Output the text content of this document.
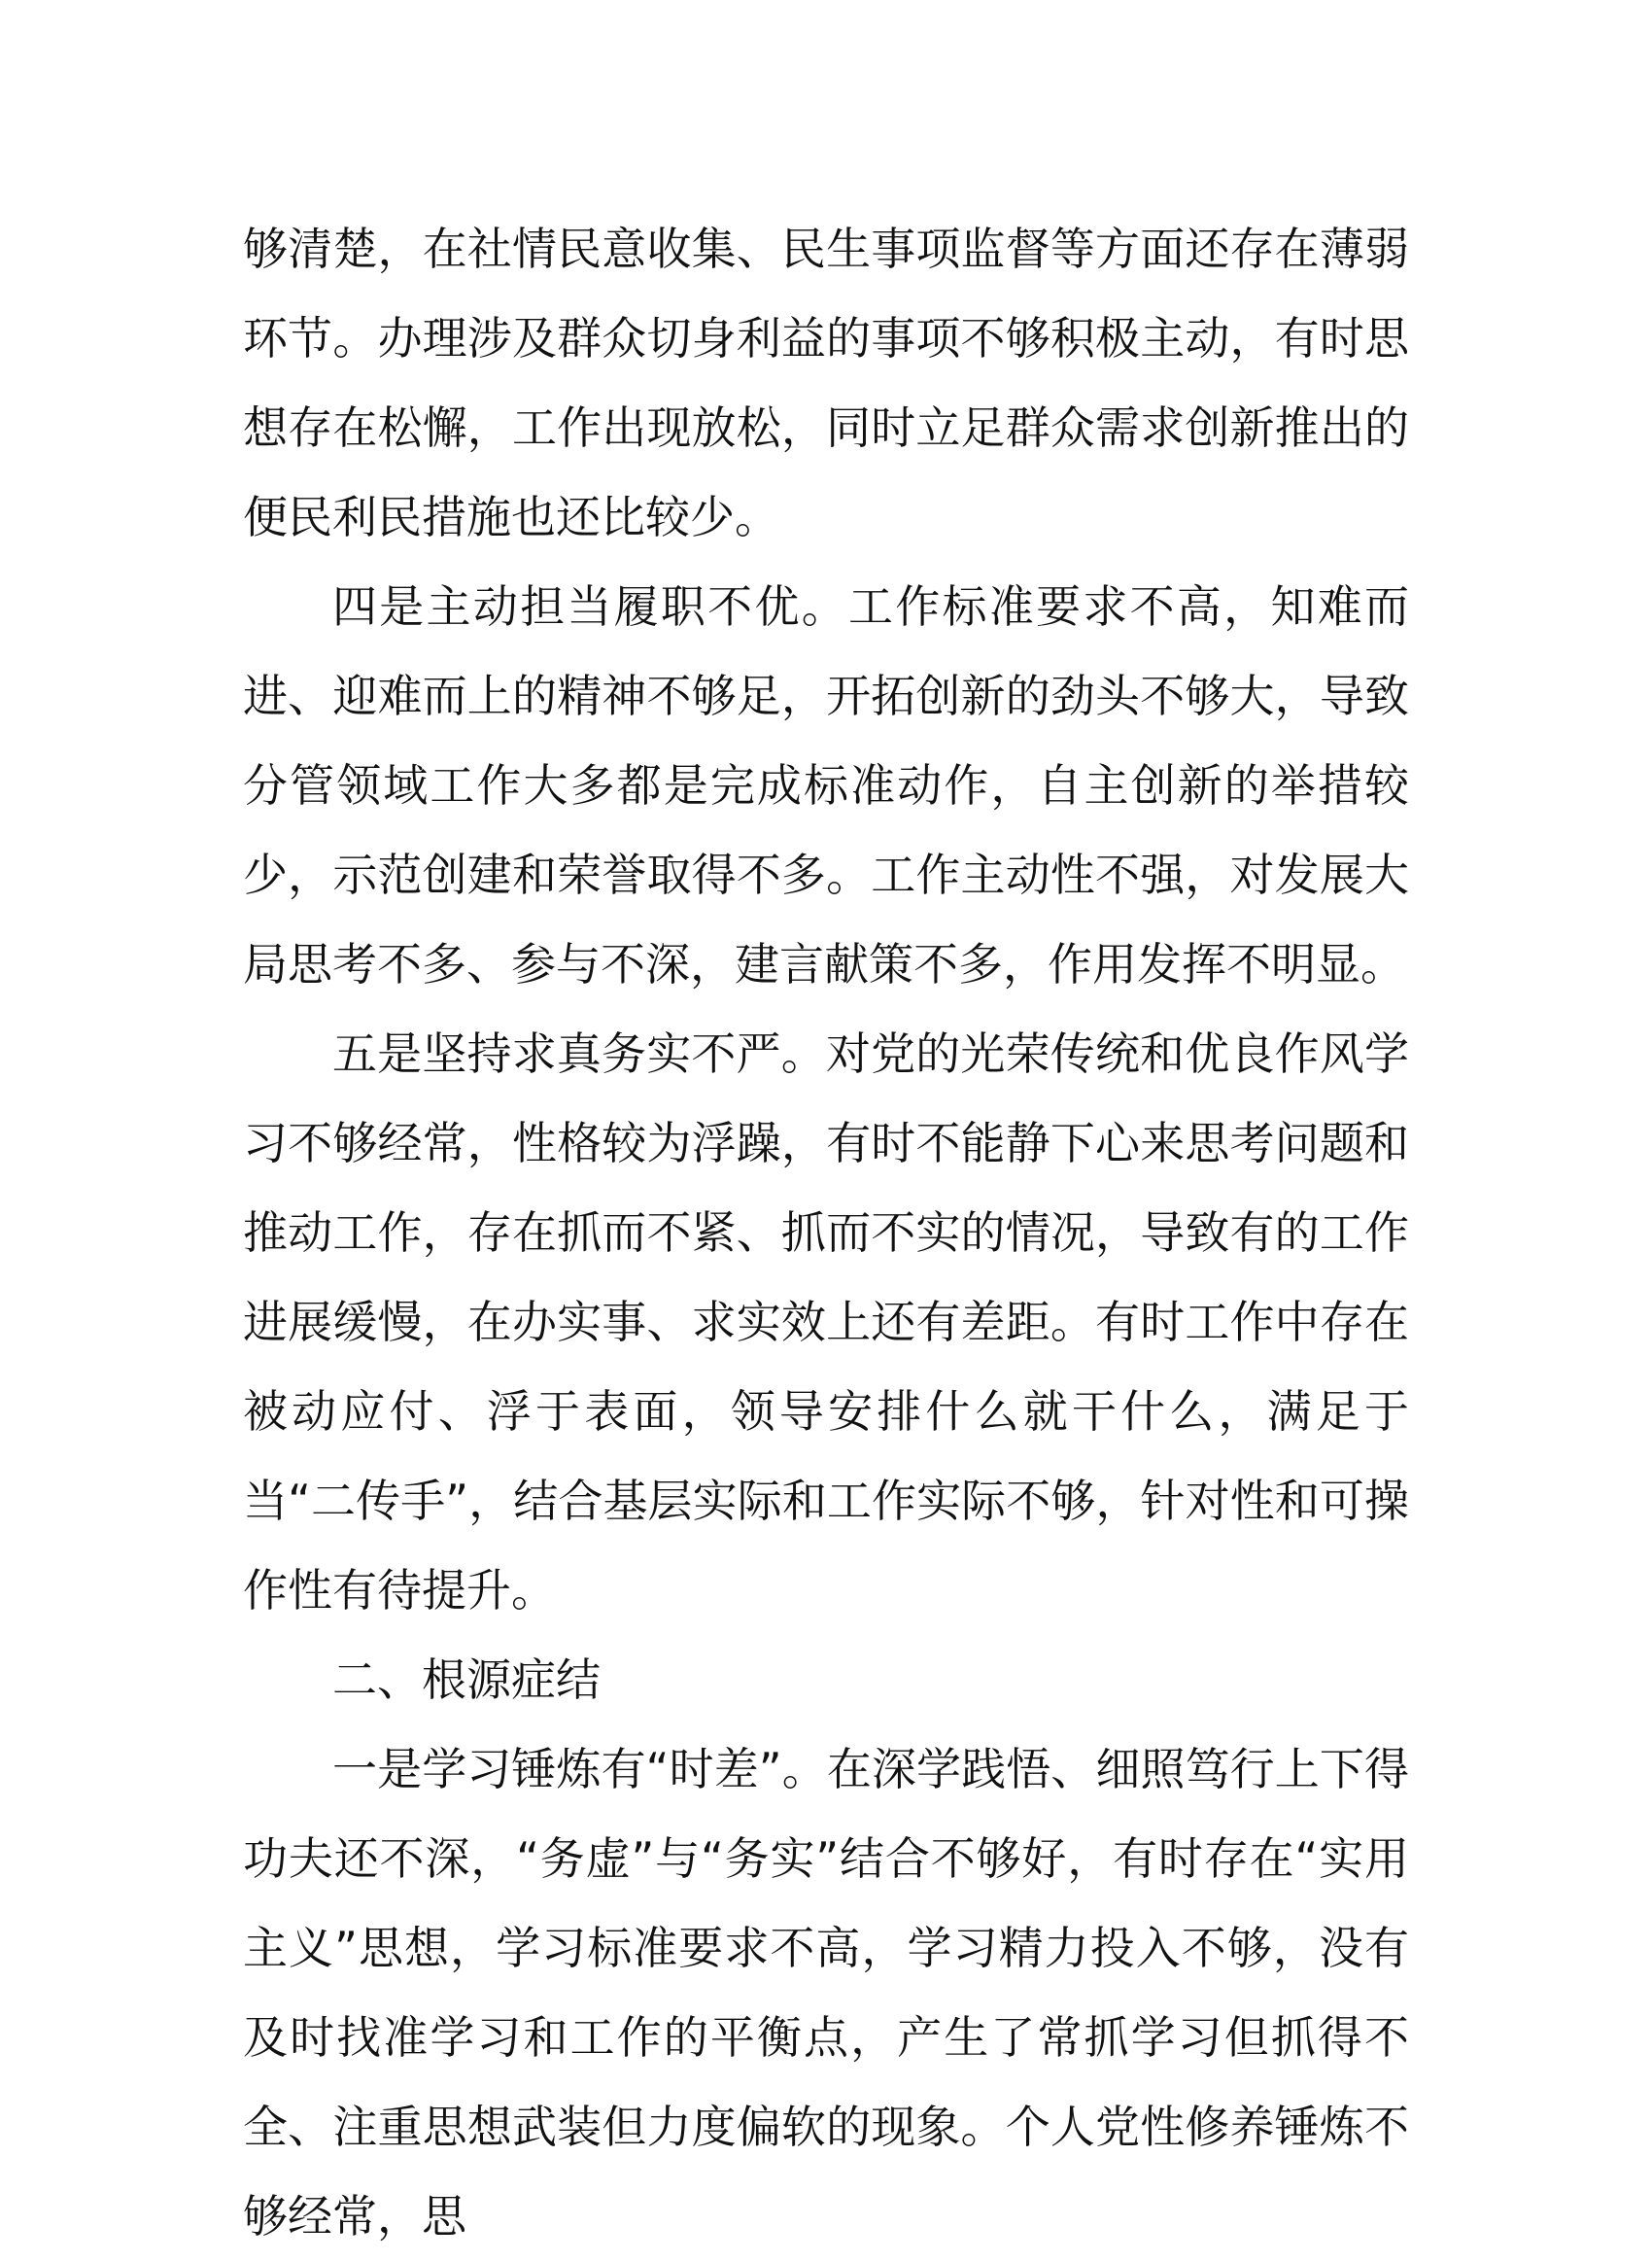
够清楚，在社情民意收集、民生事项监督等方面还存在薄弱环节。办理涉及群众切身利益的事项不够积极主动，有时思想存在松懈，工作出现放松，同时立足群众需求创新推出的便民利民措施也还比较少。

四是主动担当履职不优。工作标准要求不高，知难而进、迎难而上的精神不够足，开拓创新的劲头不够大，导致分管领域工作大多都是完成标准动作，自主创新的举措较少，示范创建和荣誉取得不多。工作主动性不强，对发展大局思考不多、参与不深，建言献策不多，作用发挥不明显。

五是坚持求真务实不严。对党的光荣传统和优良作风学习不够经常，性格较为浮躁，有时不能静下心来思考问题和推动工作，存在抓而不紧、抓而不实的情况，导致有的工作进展缓慢，在办实事、求实效上还有差距。有时工作中存在被动应付、浮于表面，领导安排什么就干什么，满足于当“二传手”，结合基层实际和工作实际不够，针对性和可操作性有待提升。

二、根源症结

一是学习锤炼有“时差”。在深学践悟、细照笃行上下得功夫还不深，“务虚”与“务实”结合不够好，有时存在“实用主义”思想，学习标准要求不高，学习精力投入不够，没有及时找准学习和工作的平衡点，产生了常抓学习但抓得不全、注重思想武装但力度偏软的现象。个人党性修养锤炼不够经常，思
